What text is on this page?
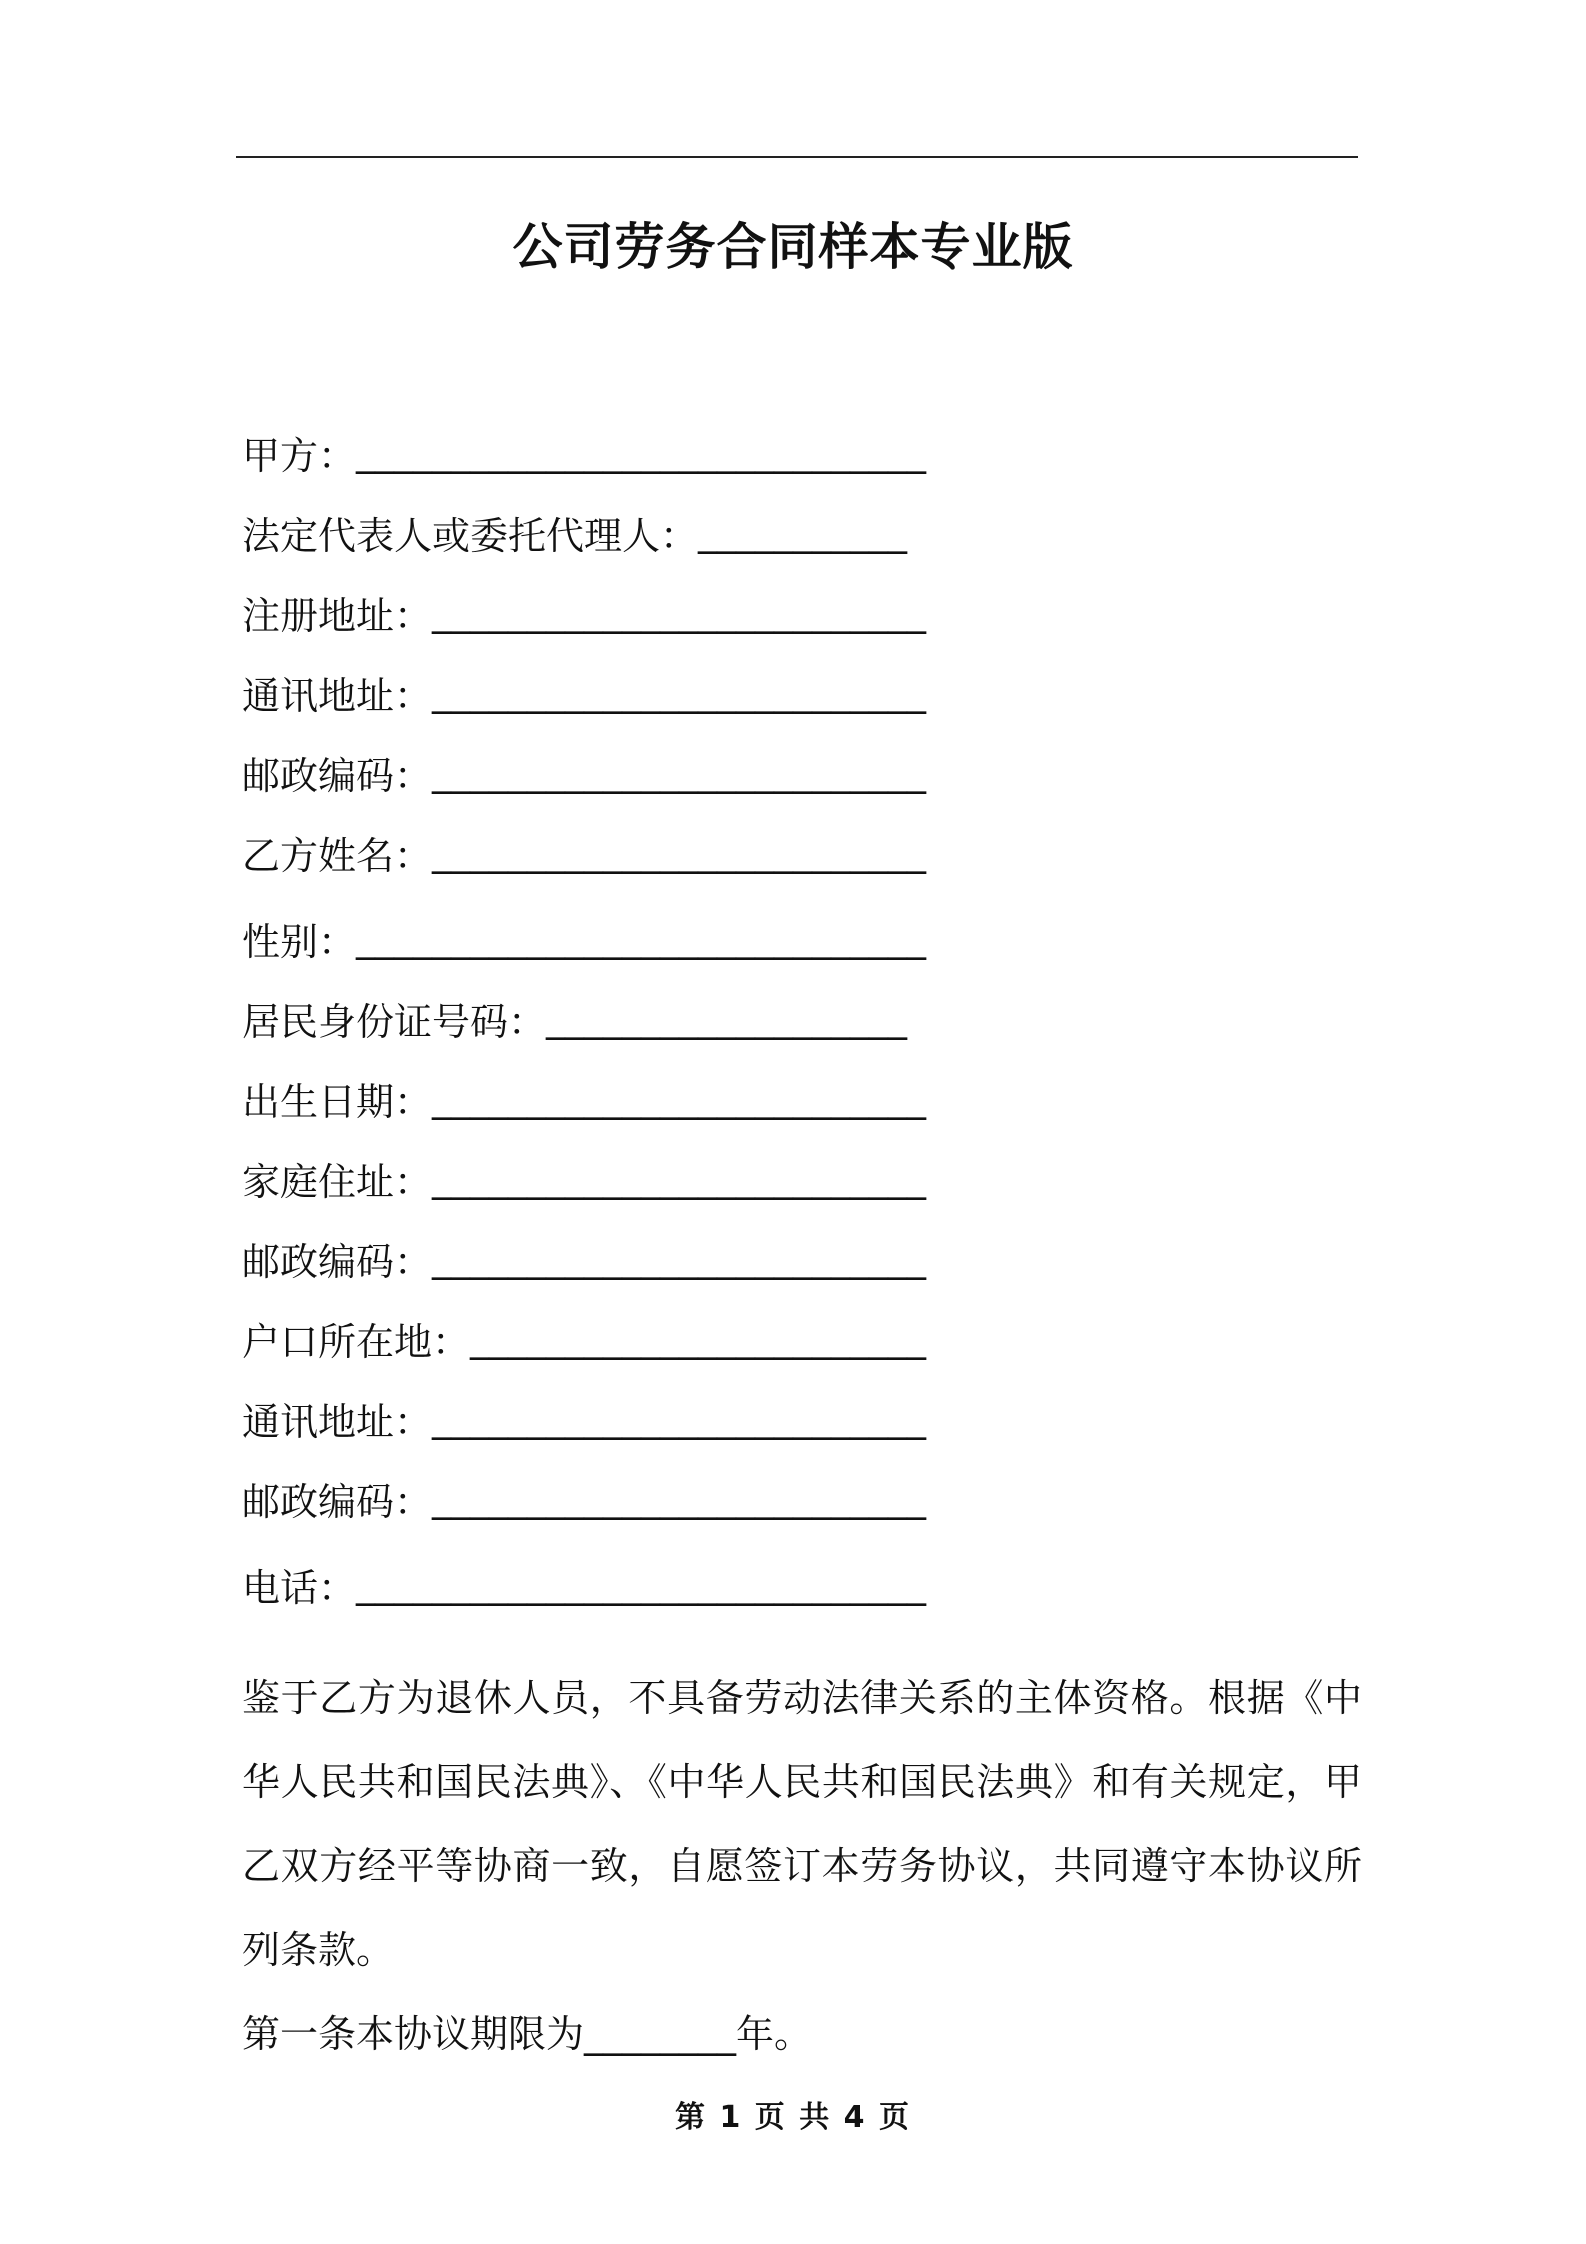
公司劳务合同样本专业版
甲方： ______________________________
法定代表人或委托代理人： ___________
注册地址： __________________________
通讯地址： __________________________
邮政编码： __________________________
乙方姓名： __________________________
性别： ______________________________
居民身份证号码： ___________________
出生日期： __________________________
家庭住址： __________________________
邮政编码： __________________________
户口所在地： ________________________
通讯地址： __________________________
邮政编码： __________________________
电话： ______________________________

鉴于乙方为退休人员，不具备劳动法律关系的主体资格。根据《中华人民共和国民法典》、《中华人民共和国民法典》和有关规定，甲乙双方经平等协商一致，自愿签订本劳务协议，共同遵守本协议所列条款。

第一条本协议期限为________年。

第 1 页 共 4 页
